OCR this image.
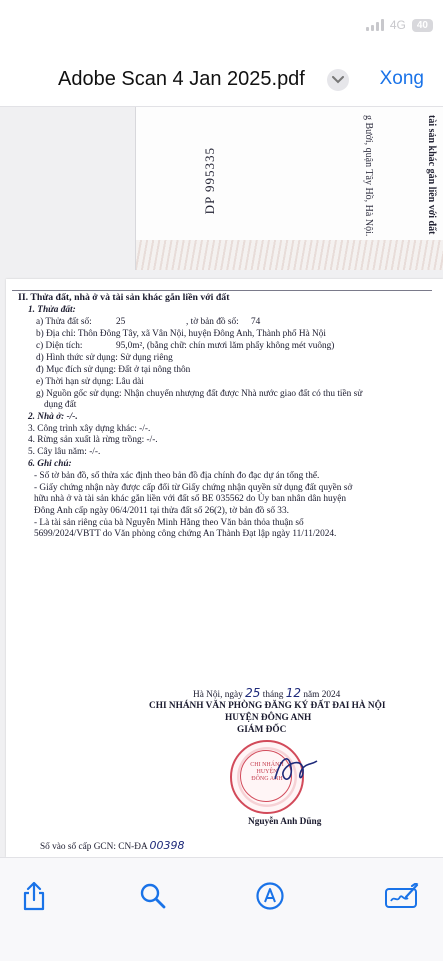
4G	40
Adobe Scan 4 Jan 2025.pdf	Xong
DP 995335	g Bưởi, quận Tây Hồ, Hà Nội.	tài sản khác gắn liền với đất
II. Thửa đất, nhà ở và tài sản khác gắn liền với đất
1. Thửa đất:
a) Thửa đất số:	25	, tờ bản đồ số: 74
b) Địa chỉ: Thôn Đông Tây, xã Vân Nội, huyện Đông Anh, Thành phố Hà Nội
c) Diện tích:	95,0m², (bằng chữ: chín mươi lăm phẩy không mét vuông)
d) Hình thức sử dụng: Sử dụng riêng
đ) Mục đích sử dụng: Đất ở tại nông thôn
e) Thời hạn sử dụng: Lâu dài
g) Nguồn gốc sử dụng: Nhận chuyển nhượng đất được Nhà nước giao đất có thu tiền sử
dụng đất
2. Nhà ở: -/-.
3. Công trình xây dựng khác: -/-.
4. Rừng sản xuất là rừng trồng: -/-.
5. Cây lâu năm: -/-.
6. Ghi chú:
- Số tờ bản đồ, số thửa xác định theo bản đồ địa chính đo đạc dự án tổng thể.
- Giấy chứng nhận này được cấp đổi từ Giấy chứng nhận quyền sử dụng đất quyền sở
hữu nhà ở và tài sản khác gắn liền với đất số BE 035562 do Ủy ban nhân dân huyện
Đông Anh cấp ngày 06/4/2011 tại thửa đất số 26(2), tờ bản đồ số 33.
- Là tài sản riêng của bà Nguyễn Minh Hằng theo Văn bản thỏa thuận số
5699/2024/VBTT do Văn phòng công chứng An Thành Đạt lập ngày 11/11/2024.
Hà Nội, ngày 25 tháng 12 năm 2024
CHI NHÁNH VĂN PHÒNG ĐĂNG KÝ ĐẤT ĐAI HÀ NỘI
HUYỆN ĐÔNG ANH
GIÁM ĐỐC
CHI NHÁNH
HUYỆN
ĐÔNG ANH
Nguyễn Anh Dũng
Số vào sổ cấp GCN: CN-ĐA 00398
